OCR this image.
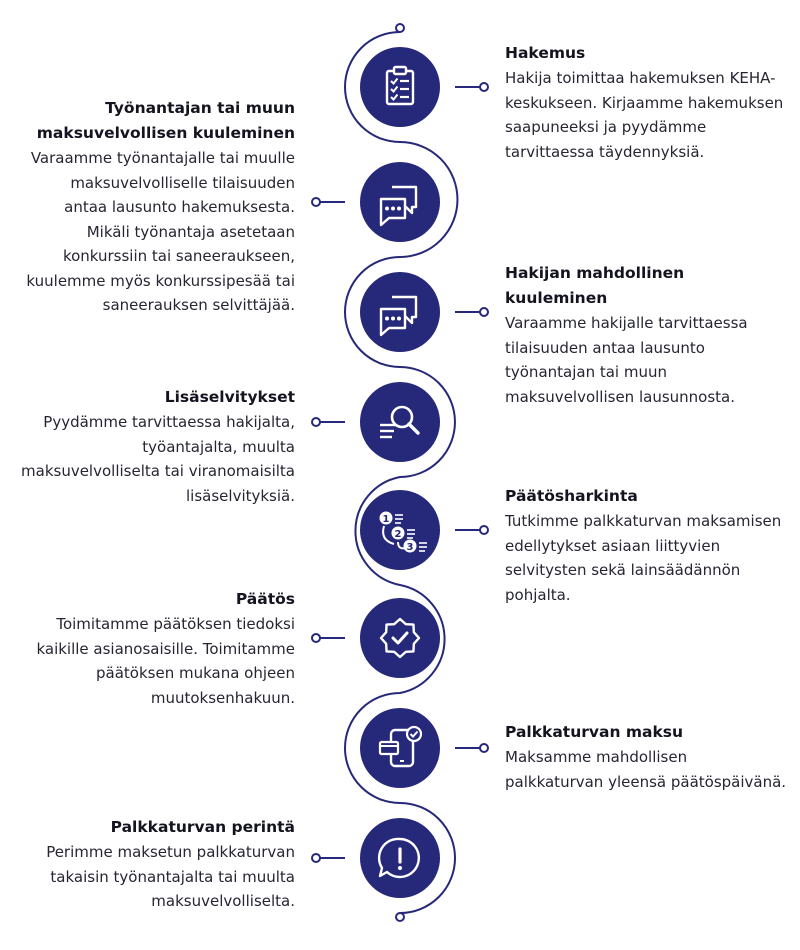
1
2
3

Hakemus

Hakija toimittaa hakemuksen KEHA-keskukseen. Kirjaamme hakemuksen saapuneeksi ja pyydämme tarvittaessa täydennyksiä.

Työnantajan tai muun maksuvelvollisen kuuleminen

Varaamme työnantajalle tai muulle maksuvelvolliselle tilaisuuden antaa lausunto hakemuksesta. Mikäli työnantaja asetetaan konkurssiin tai saneeraukseen, kuulemme myös konkurssipesää tai saneerauksen selvittäjää.

Hakijan mahdollinen kuuleminen

Varaamme hakijalle tarvittaessa tilaisuuden antaa lausunto työnantajan tai muun maksuvelvollisen lausunnosta.

Lisäselvitykset

Pyydämme tarvittaessa hakijalta, työantajalta, muulta maksuvelvolliselta tai viranomaisilta lisäselvityksiä.	Päätösharkinta

Tutkimme palkkaturvan maksamisen edellytykset asiaan liittyvien selvitysten sekä lainsäädännön pohjalta.

Päätös

Toimitamme päätöksen tiedoksi kaikille asianosaisille. Toimitamme päätöksen mukana ohjeen muutoksenhakuun.

Palkkaturvan maksu

Maksamme mahdollisen palkkaturvan yleensä päätöspäivänä.

Palkkaturvan perintä

Perimme maksetun palkkaturvan takaisin työnantajalta tai muulta maksuvelvolliselta.
